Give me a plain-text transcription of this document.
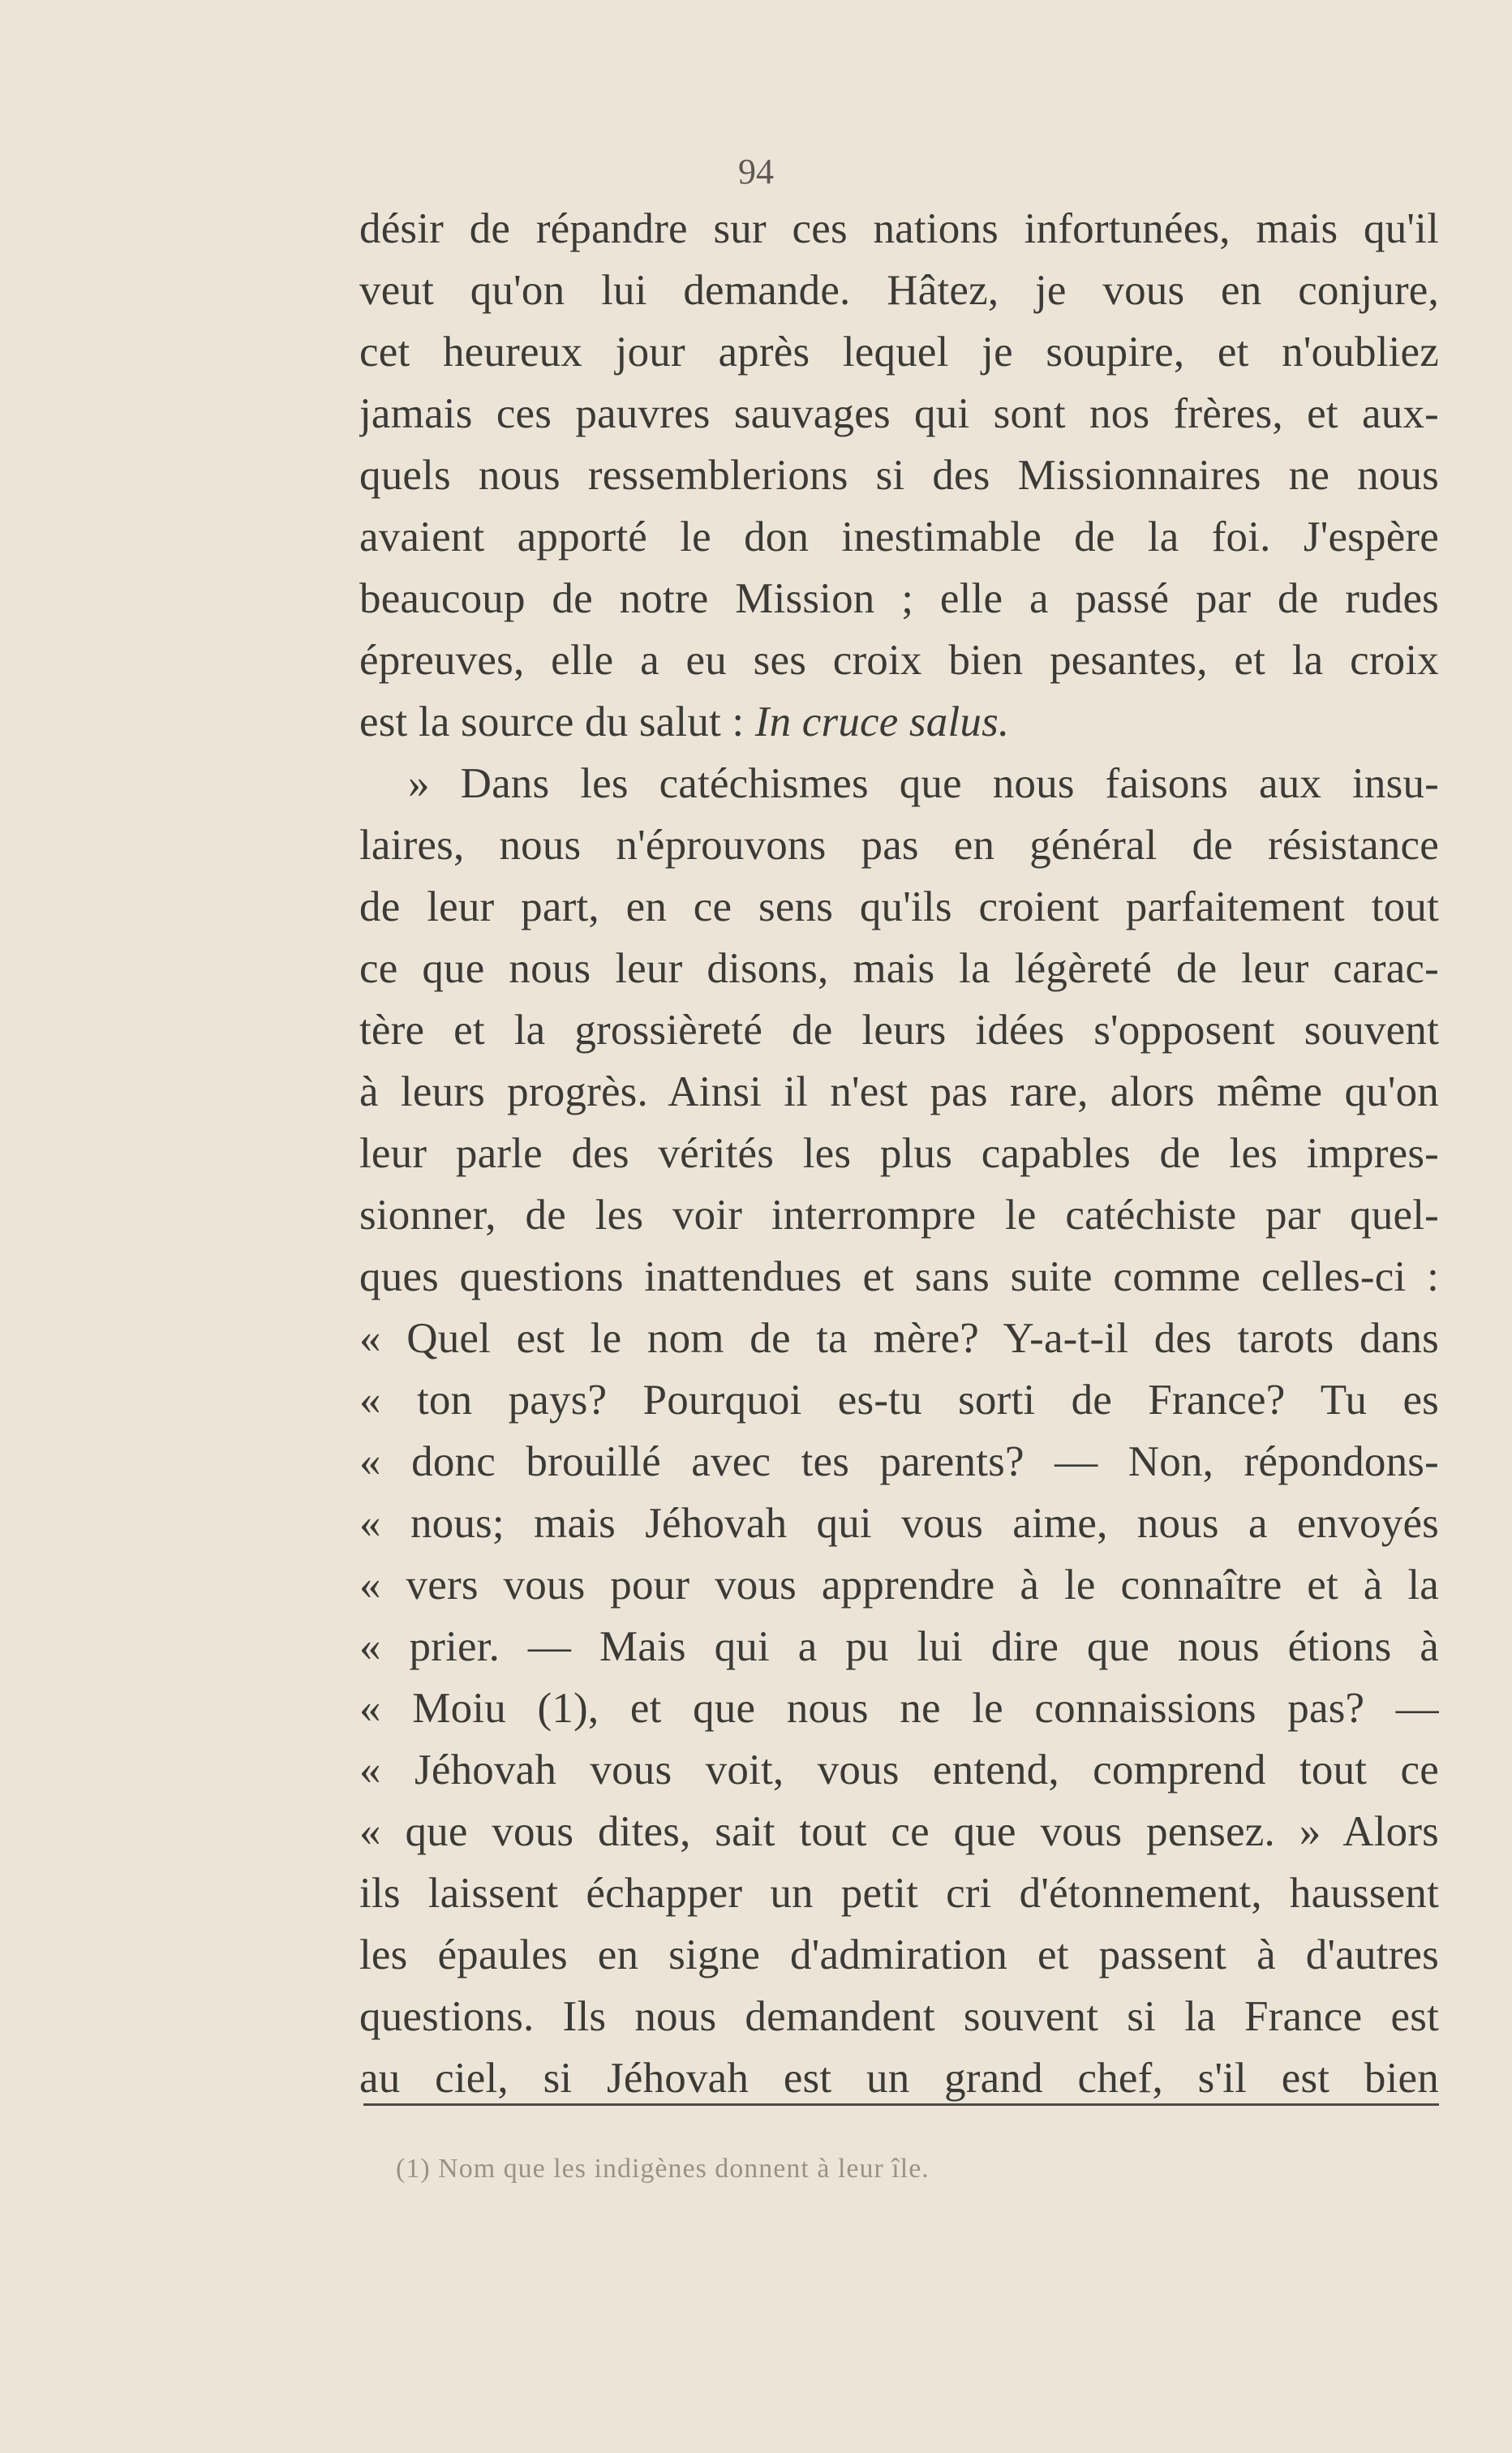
94
désir de répandre sur ces nations infortunées, mais qu'il
veut qu'on lui demande. Hâtez, je vous en conjure,
cet heureux jour après lequel je soupire, et n'oubliez
jamais ces pauvres sauvages qui sont nos frères, et aux-
quels nous ressemblerions si des Missionnaires ne nous
avaient apporté le don inestimable de la foi. J'espère
beaucoup de notre Mission ; elle a passé par de rudes
épreuves, elle a eu ses croix bien pesantes, et la croix
est la source du salut : In cruce salus.
» Dans les catéchismes que nous faisons aux insu-
laires, nous n'éprouvons pas en général de résistance
de leur part, en ce sens qu'ils croient parfaitement tout
ce que nous leur disons, mais la légèreté de leur carac-
tère et la grossièreté de leurs idées s'opposent souvent
à leurs progrès. Ainsi il n'est pas rare, alors même qu'on
leur parle des vérités les plus capables de les impres-
sionner, de les voir interrompre le catéchiste par quel-
ques questions inattendues et sans suite comme celles-ci :
« Quel est le nom de ta mère? Y-a-t-il des tarots dans
« ton pays? Pourquoi es-tu sorti de France? Tu es
« donc brouillé avec tes parents? — Non, répondons-
« nous; mais Jéhovah qui vous aime, nous a envoyés
« vers vous pour vous apprendre à le connaître et à la
« prier. — Mais qui a pu lui dire que nous étions à
« Moiu (1), et que nous ne le connaissions pas? —
« Jéhovah vous voit, vous entend, comprend tout ce
« que vous dites, sait tout ce que vous pensez. » Alors
ils laissent échapper un petit cri d'étonnement, haussent
les épaules en signe d'admiration et passent à d'autres
questions. Ils nous demandent souvent si la France est
au ciel, si Jéhovah est un grand chef, s'il est bien
(1) Nom que les indigènes donnent à leur île.
